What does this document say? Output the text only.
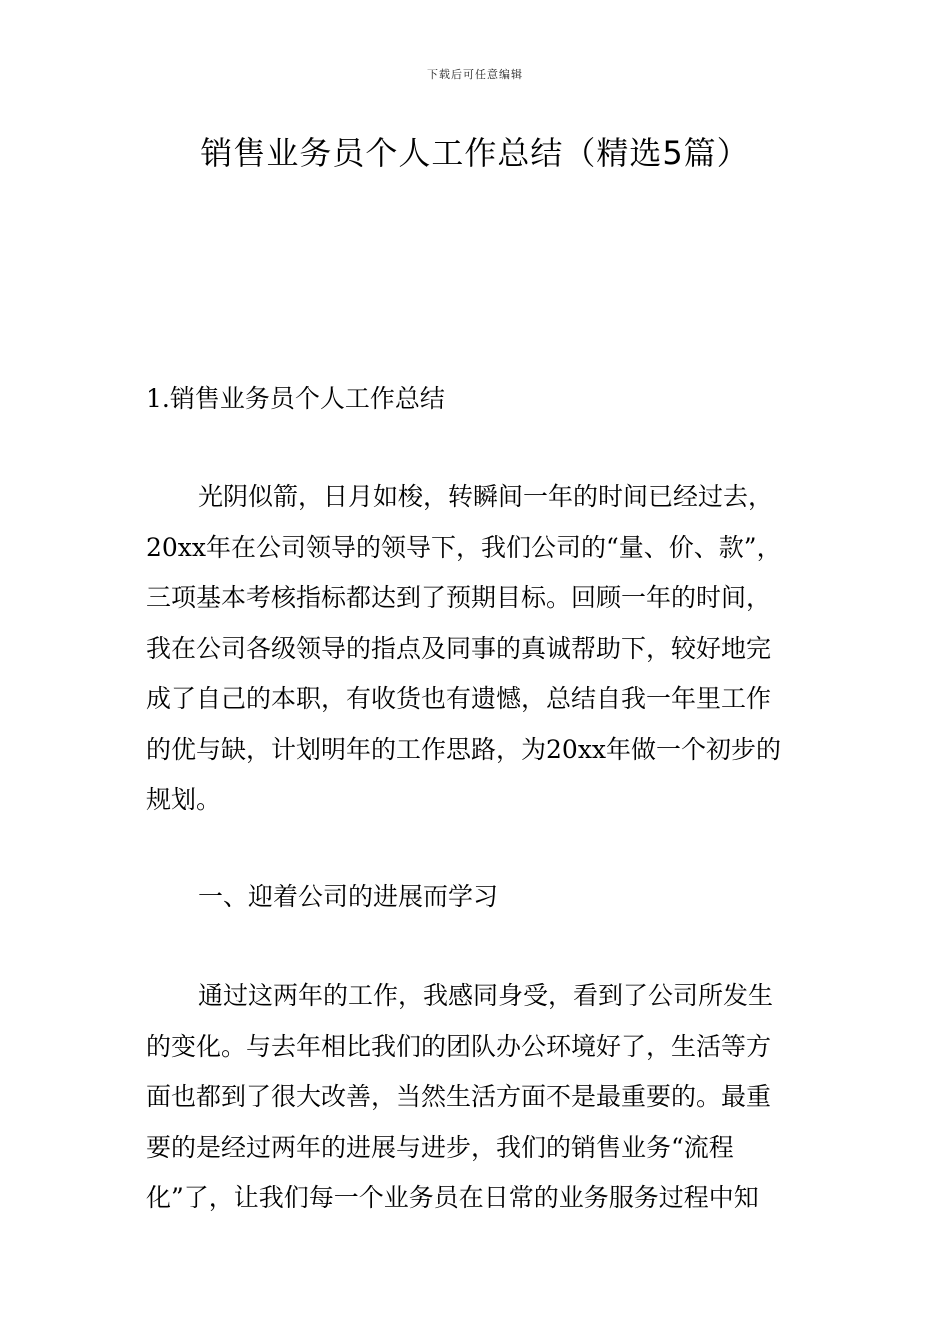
下载后可任意编辑
销售业务员个人工作总结（精选5篇）
1.销售业务员个人工作总结
光阴似箭，日月如梭，转瞬间一年的时间已经过去，
20xx年在公司领导的领导下，我们公司的“量、价、款”，
三项基本考核指标都达到了预期目标。回顾一年的时间，
我在公司各级领导的指点及同事的真诚帮助下，较好地完
成了自己的本职，有收货也有遗憾，总结自我一年里工作
的优与缺，计划明年的工作思路，为20xx年做一个初步的
规划。
一、迎着公司的进展而学习
通过这两年的工作，我感同身受，看到了公司所发生
的变化。与去年相比我们的团队办公环境好了，生活等方
面也都到了很大改善，当然生活方面不是最重要的。最重
要的是经过两年的进展与进步，我们的销售业务“流程
化”了，让我们每一个业务员在日常的业务服务过程中知
